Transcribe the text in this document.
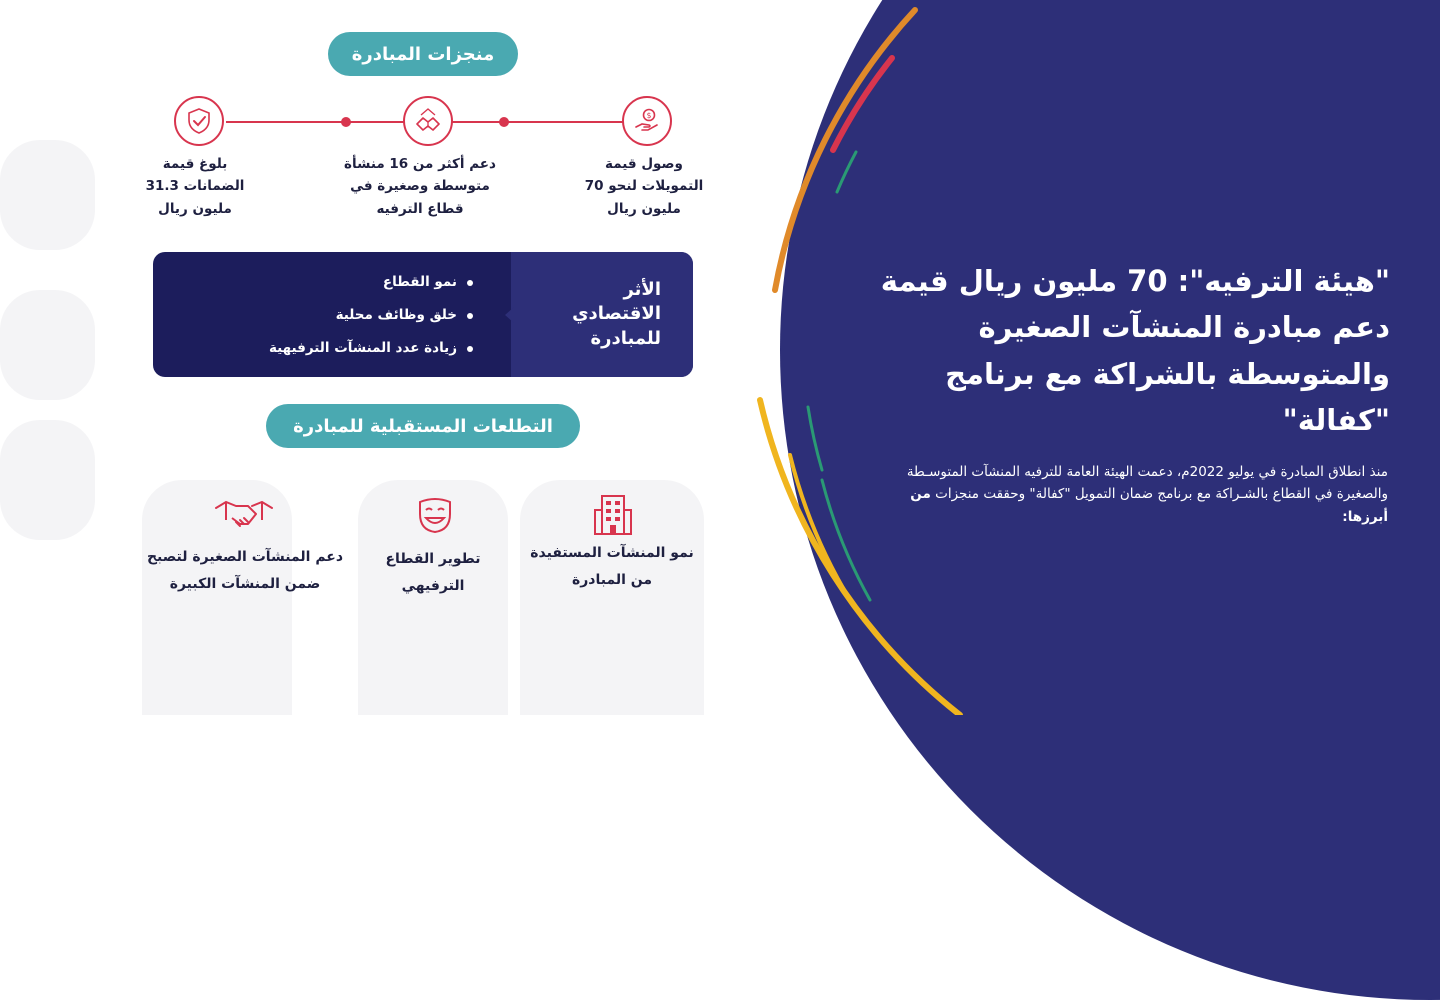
منجزات المبادرة
$
وصول قيمة التمويلات لنحو 70 مليون ريال
دعم أكثر من 16 منشأة متوسطة وصغيرة في قطاع الترفيه
بلوغ قيمة الضمانات 31.3 مليون ريال
الأثر الاقتصادي للمبادرة
نمو القطاع
خلق وظائف محلية
زيادة عدد المنشآت الترفيهية
التطلعات المستقبلية للمبادرة
نمو المنشآت المستفيدة من المبادرة
تطوير القطاع الترفيهي
دعم المنشآت الصغيرة لتصبح ضمن المنشآت الكبيرة
"هيئة الترفيه": 70 مليون ريال قيمة دعم مبادرة المنشآت الصغيرة والمتوسطة بالشراكة مع برنامج "كفالة"
منذ انطلاق المبادرة في يوليو 2022م، دعمت الهيئة العامة للترفيه المنشآت المتوسـطة والصغيرة في القطاع بالشـراكة مع برنامج ضمان التمويل "كفالة" وحققت منجزات من أبرزها:
